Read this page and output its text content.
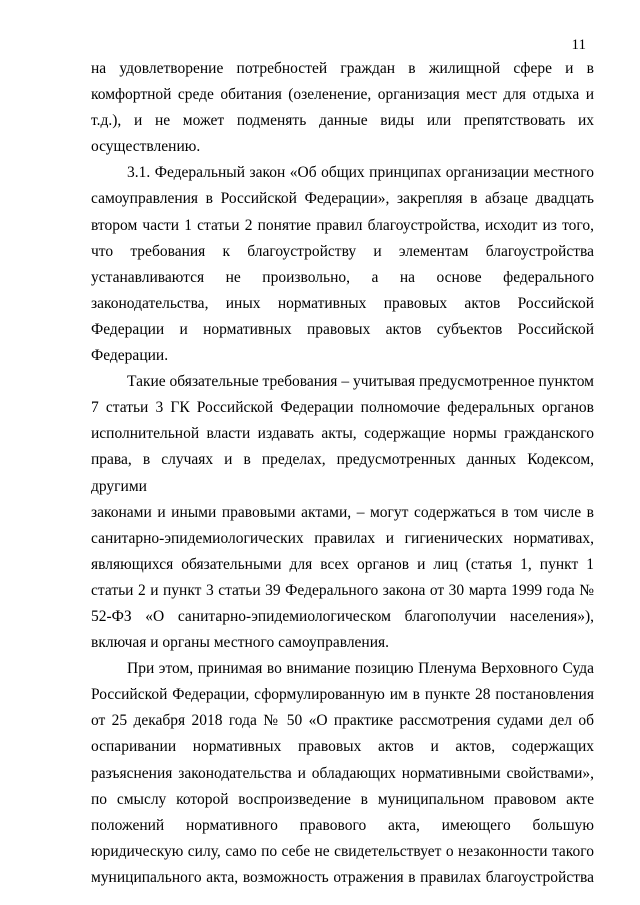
11

на удовлетворение потребностей граждан в жилищной сфере и в
комфортной среде обитания (озеленение, организация мест для отдыха и
т.д.), и не может подменять данные виды или препятствовать их
осуществлению.

3.1. Федеральный закон «Об общих принципах организации местного
самоуправления в Российской Федерации», закрепляя в абзаце двадцать
втором части 1 статьи 2 понятие правил благоустройства, исходит из того,
что требования к благоустройству и элементам благоустройства
устанавливаются не произвольно, а на основе федерального
законодательства, иных нормативных правовых актов Российской
Федерации и нормативных правовых актов субъектов Российской
Федерации.

Такие обязательные требования – учитывая предусмотренное пунктом
7 статьи 3 ГК Российской Федерации полномочие федеральных органов
исполнительной власти издавать акты, содержащие нормы гражданского
права, в случаях и в пределах, предусмотренных данных Кодексом, другими
законами и иными правовыми актами, – могут содержаться в том числе в
санитарно-эпидемиологических правилах и гигиенических нормативах,
являющихся обязательными для всех органов и лиц (статья 1, пункт 1
статьи 2 и пункт 3 статьи 39 Федерального закона от 30 марта 1999 года №
52-ФЗ «О санитарно-эпидемиологическом благополучии населения»),
включая и органы местного самоуправления.

При этом, принимая во внимание позицию Пленума Верховного Суда
Российской Федерации, сформулированную им в пункте 28 постановления
от 25 декабря 2018 года № 50 «О практике рассмотрения судами дел об
оспаривании нормативных правовых актов и актов, содержащих
разъяснения законодательства и обладающих нормативными свойствами»,
по смыслу которой воспроизведение в муниципальном правовом акте
положений нормативного правового акта, имеющего большую
юридическую силу, само по себе не свидетельствует о незаконности такого
муниципального акта, возможность отражения в правилах благоустройства
